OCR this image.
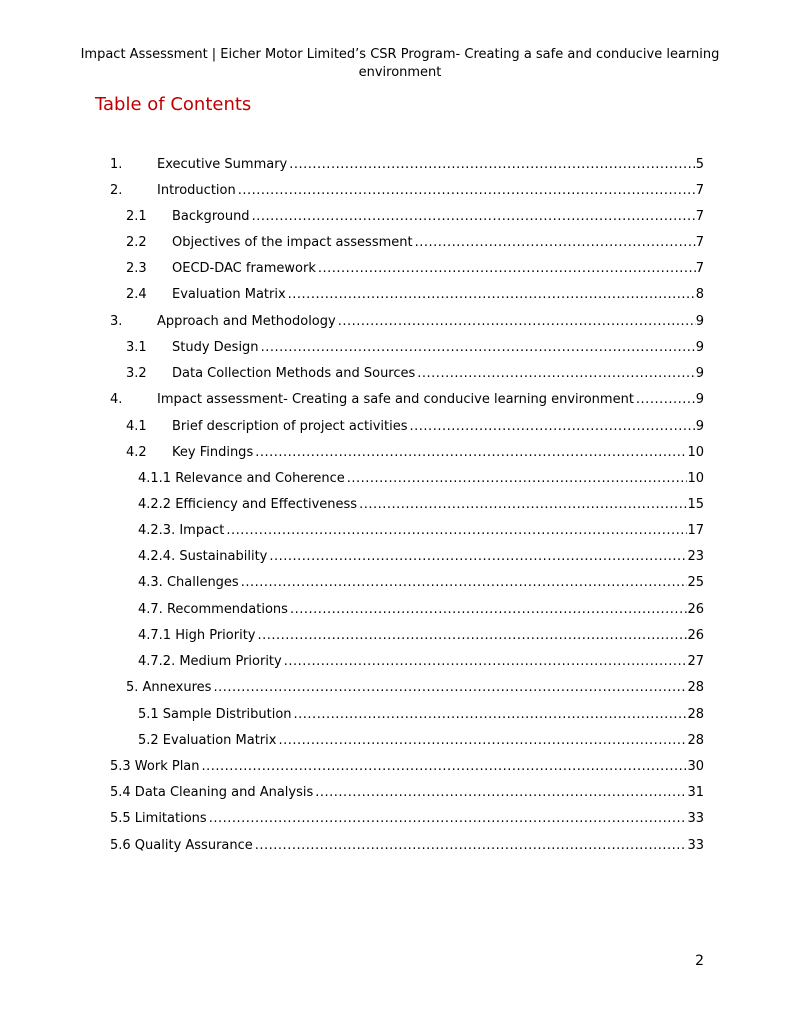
Impact Assessment | Eicher Motor Limited’s CSR Program- Creating a safe and conducive learning
environment
Table of Contents
1.	Executive Summary .....	5
2.	Introduction .....	7
2.1	Background .....	7
2.2	Objectives of the impact assessment .....	7
2.3	OECD-DAC framework .....	7
2.4	Evaluation Matrix .....	8
3.	Approach and Methodology .....	9
3.1	Study Design .....	9
3.2	Data Collection Methods and Sources .....	9
4.	Impact assessment- Creating a safe and conducive learning environment .....	9
4.1	Brief description of project activities .....	9
4.2	Key Findings .....	10
4.1.1 Relevance and Coherence .....	10
4.2.2 Efficiency and Effectiveness .....	15
4.2.3. Impact .....	17
4.2.4. Sustainability .....	23
4.3. Challenges .....	25
4.7. Recommendations .....	26
4.7.1 High Priority .....	26
4.7.2. Medium Priority .....	27
5. Annexures .....	28
5.1 Sample Distribution .....	28
5.2 Evaluation Matrix .....	28
5.3 Work Plan .....	30
5.4 Data Cleaning and Analysis .....	31
5.5 Limitations .....	33
5.6 Quality Assurance .....	33
2
